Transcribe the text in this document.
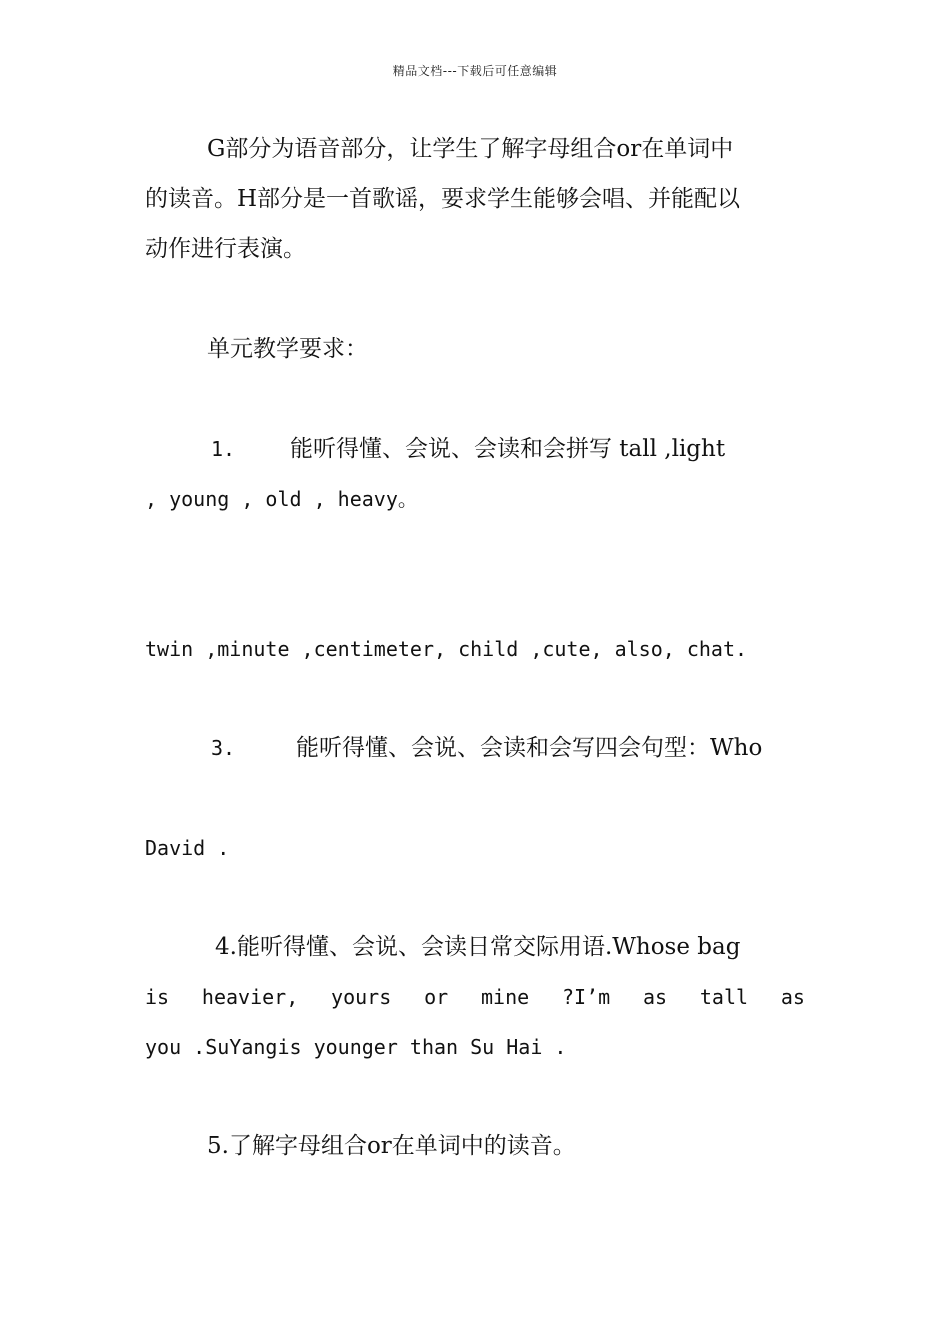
精品文档---下载后可任意编辑
G部分为语音部分，让学生了解字母组合or在单词中
的读音。H部分是一首歌谣，要求学生能够会唱、并能配以
动作进行表演。
单元教学要求：
1. 能听得懂、会说、会读和会拼写 tall ,light
, young , old , heavy。
twin ,minute ,centimeter, child ,cute, also, chat.
3.	能听得懂、会说、会读和会写四会句型：Who
David .
4.能听得懂、会说、会读日常交际用语.Whose bag
is heavier, yours or mine ?I’m as tall as
you .SuYangis younger than Su Hai .
5.了解字母组合or在单词中的读音。
